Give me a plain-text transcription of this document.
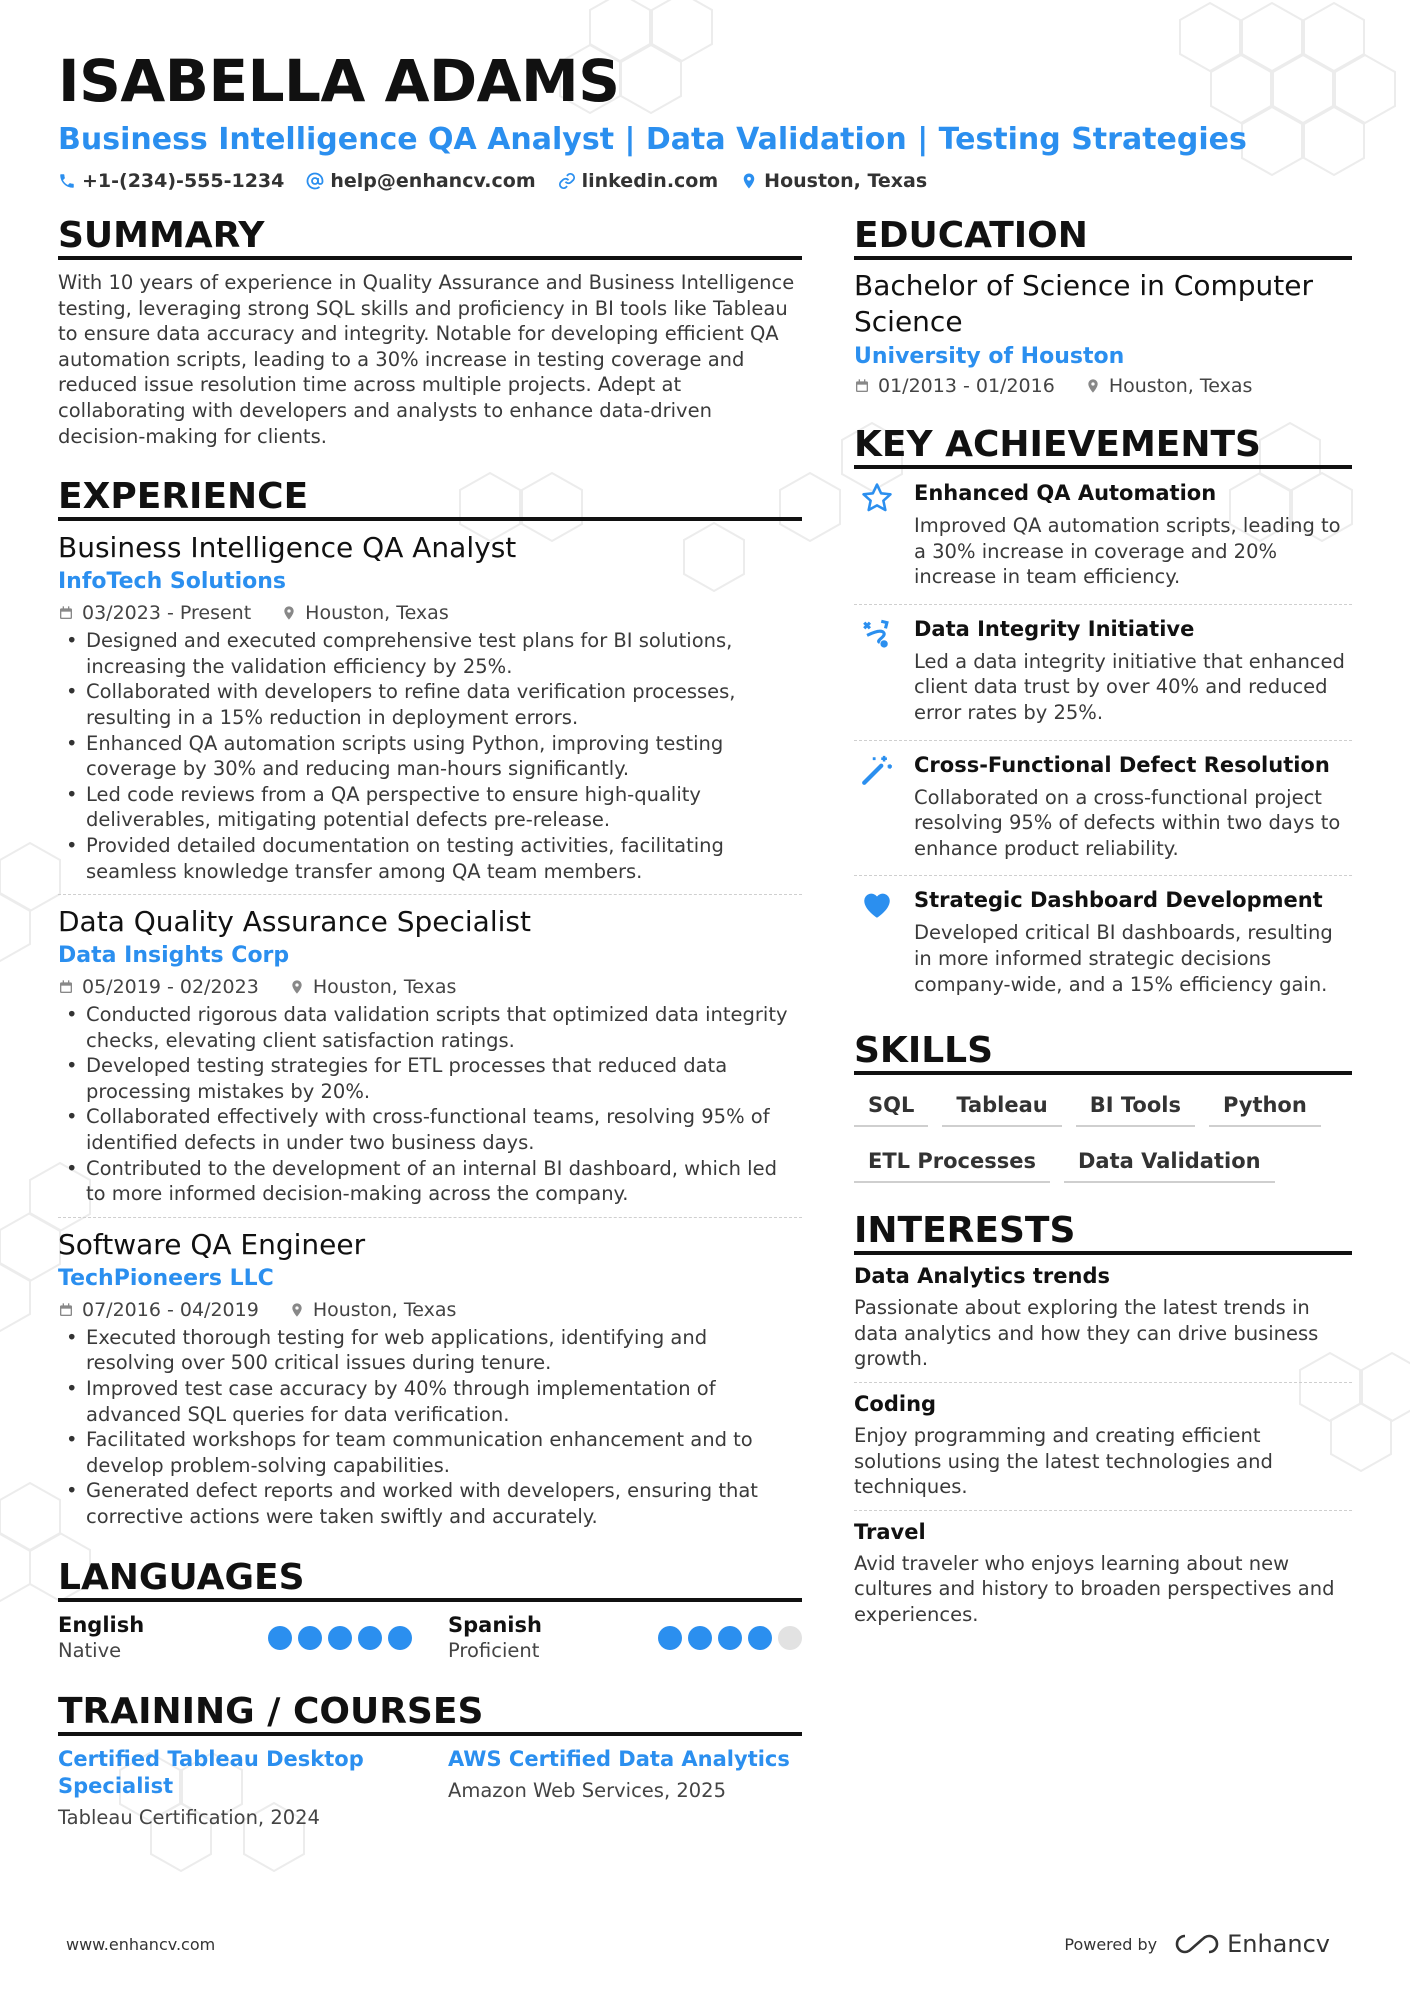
ISABELLA ADAMS
Business Intelligence QA Analyst | Data Validation | Testing Strategies
+1-(234)-555-1234 help@enhancv.com linkedin.com Houston, Texas
SUMMARY
With 10 years of experience in Quality Assurance and Business Intelligence testing, leveraging strong SQL skills and proficiency in BI tools like Tableau to ensure data accuracy and integrity. Notable for developing efficient QA automation scripts, leading to a 30% increase in testing coverage and reduced issue resolution time across multiple projects. Adept at collaborating with developers and analysts to enhance data-driven decision-making for clients.
EXPERIENCE
Business Intelligence QA Analyst
InfoTech Solutions
03/2023 - Present	Houston, Texas
• Designed and executed comprehensive test plans for BI solutions, increasing the validation efficiency by 25%.
• Collaborated with developers to refine data verification processes, resulting in a 15% reduction in deployment errors.
• Enhanced QA automation scripts using Python, improving testing coverage by 30% and reducing man-hours significantly.
• Led code reviews from a QA perspective to ensure high-quality deliverables, mitigating potential defects pre-release.
• Provided detailed documentation on testing activities, facilitating seamless knowledge transfer among QA team members.
Data Quality Assurance Specialist
Data Insights Corp
05/2019 - 02/2023	Houston, Texas
• Conducted rigorous data validation scripts that optimized data integrity checks, elevating client satisfaction ratings.
• Developed testing strategies for ETL processes that reduced data processing mistakes by 20%.
• Collaborated effectively with cross-functional teams, resolving 95% of identified defects in under two business days.
• Contributed to the development of an internal BI dashboard, which led to more informed decision-making across the company.
Software QA Engineer
TechPioneers LLC
07/2016 - 04/2019	Houston, Texas
• Executed thorough testing for web applications, identifying and resolving over 500 critical issues during tenure.
• Improved test case accuracy by 40% through implementation of advanced SQL queries for data verification.
• Facilitated workshops for team communication enhancement and to develop problem-solving capabilities.
• Generated defect reports and worked with developers, ensuring that corrective actions were taken swiftly and accurately.
LANGUAGES
English
Native
Spanish
Proficient
TRAINING / COURSES
Certified Tableau Desktop Specialist
Tableau Certification, 2024
AWS Certified Data Analytics
Amazon Web Services, 2025
EDUCATION
Bachelor of Science in Computer Science
University of Houston
01/2013 - 01/2016	Houston, Texas
KEY ACHIEVEMENTS
Enhanced QA Automation
Improved QA automation scripts, leading to a 30% increase in coverage and 20% increase in team efficiency.
Data Integrity Initiative
Led a data integrity initiative that enhanced client data trust by over 40% and reduced error rates by 25%.
Cross-Functional Defect Resolution
Collaborated on a cross-functional project resolving 95% of defects within two days to enhance product reliability.
Strategic Dashboard Development
Developed critical BI dashboards, resulting in more informed strategic decisions company-wide, and a 15% efficiency gain.
SKILLS
SQL	Tableau	BI Tools	Python
ETL Processes	Data Validation
INTERESTS
Data Analytics trends
Passionate about exploring the latest trends in data analytics and how they can drive business growth.
Coding
Enjoy programming and creating efficient solutions using the latest technologies and techniques.
Travel
Avid traveler who enjoys learning about new cultures and history to broaden perspectives and experiences.
www.enhancv.com	Powered by	Enhancv
